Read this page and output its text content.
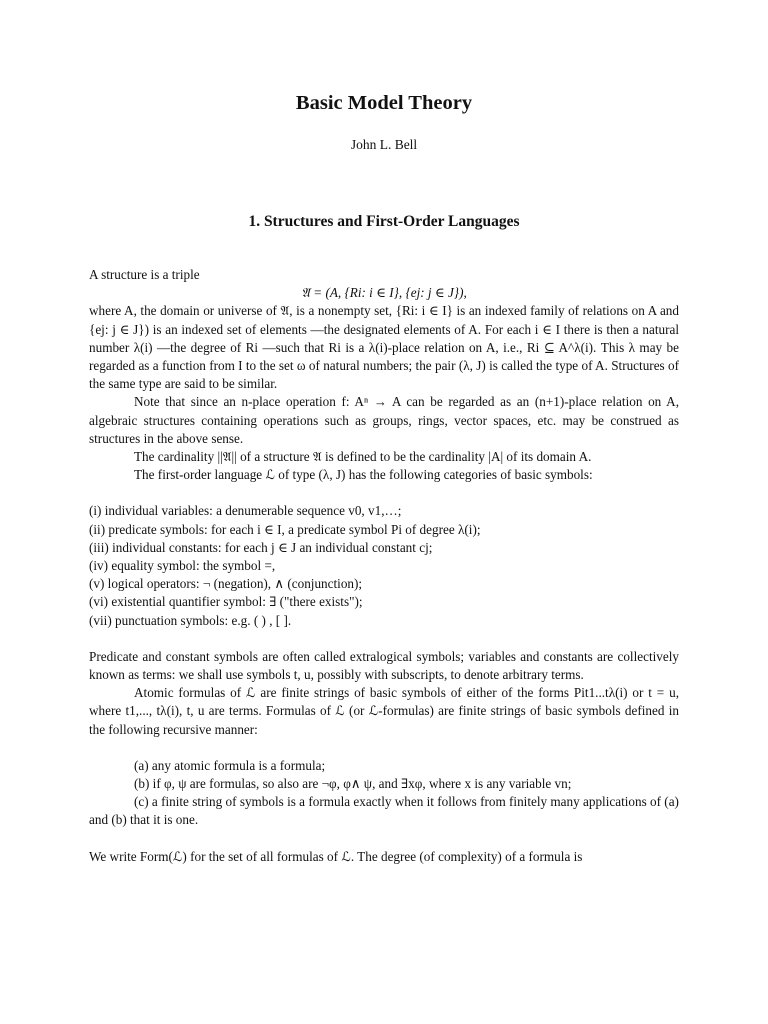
Basic Model Theory
John L. Bell
1. Structures and First-Order Languages

A structure is a triple

𝔄 = (A, {Ri: i ∈ I}, {ej: j ∈ J}),

where A, the domain or universe of 𝔄, is a nonempty set, {Ri: i ∈ I} is an indexed family of relations on A and {ej: j ∈ J}) is an indexed set of elements —the designated elements of A. For each i ∈ I there is then a natural number λ(i) —the degree of Ri —such that Ri is a λ(i)-place relation on A, i.e., Ri ⊆ A^λ(i). This λ may be regarded as a function from I to the set ω of natural numbers; the pair (λ, J) is called the type of A. Structures of the same type are said to be similar.

Note that since an n-place operation f: Aⁿ → A can be regarded as an (n+1)-place relation on A, algebraic structures containing operations such as groups, rings, vector spaces, etc. may be construed as structures in the above sense.

The cardinality ||𝔄|| of a structure 𝔄 is defined to be the cardinality |A| of its domain A.

The first-order language ℒ of type (λ, J) has the following categories of basic symbols:

(i) individual variables: a denumerable sequence v0, v1,…;
(ii) predicate symbols: for each i ∈ I, a predicate symbol Pi of degree λ(i);
(iii) individual constants: for each j ∈ J an individual constant cj;
(iv) equality symbol: the symbol =,
(v) logical operators: ¬ (negation), ∧ (conjunction);
(vi) existential quantifier symbol: ∃ ("there exists");
(vii) punctuation symbols: e.g. ( ) , [ ].

Predicate and constant symbols are often called extralogical symbols; variables and constants are collectively known as terms: we shall use symbols t, u, possibly with subscripts, to denote arbitrary terms.

Atomic formulas of ℒ are finite strings of basic symbols of either of the forms Pit1...tλ(i) or t = u, where t1,..., tλ(i), t, u are terms. Formulas of ℒ (or ℒ-formulas) are finite strings of basic symbols defined in the following recursive manner:

(a) any atomic formula is a formula;
(b) if φ, ψ are formulas, so also are ¬φ, φ∧ ψ, and ∃xφ, where x is any variable vn;
(c) a finite string of symbols is a formula exactly when it follows from finitely many applications of (a) and (b) that it is one.

We write Form(ℒ) for the set of all formulas of ℒ. The degree (of complexity) of a formula is
